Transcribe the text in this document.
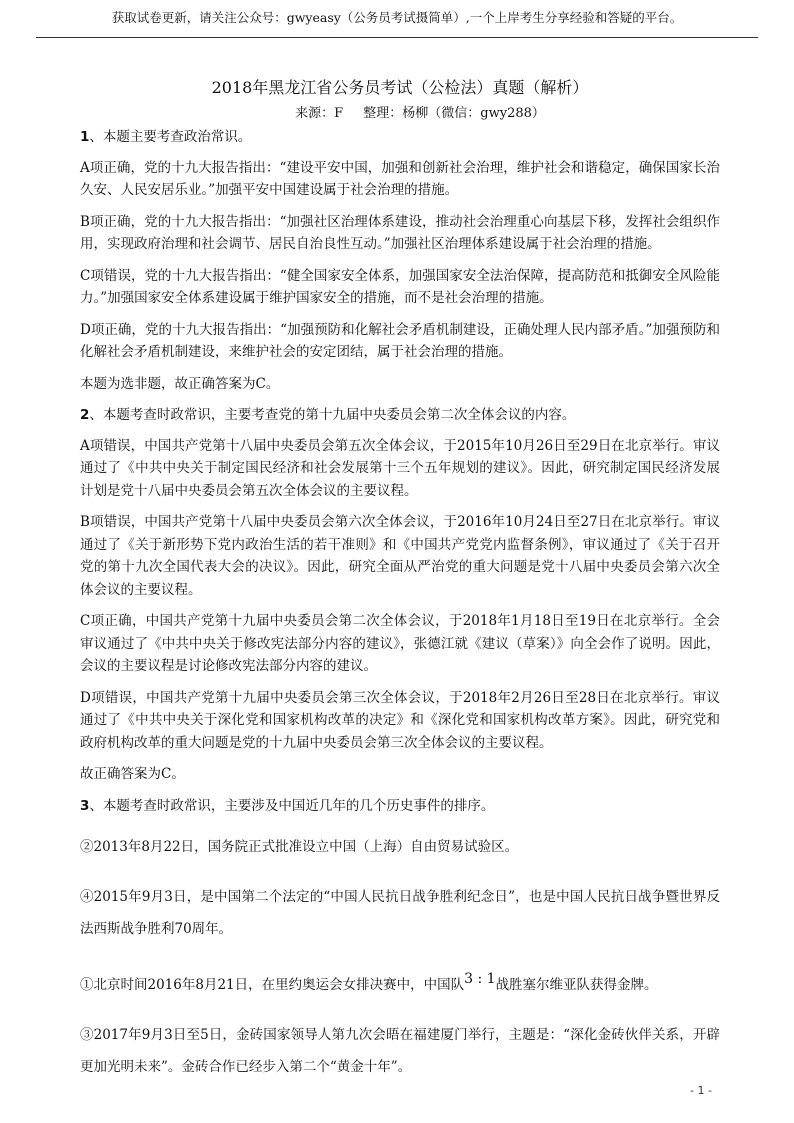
获取试卷更新，请关注公众号：gwyeasy（公务员考试摄简单）,一个上岸考生分享经验和答疑的平台。
2018年黑龙江省公务员考试（公检法）真题（解析）
来源：F 整理：杨柳（微信：gwy288）

1、本题主要考查政治常识。

A项正确，党的十九大报告指出：“建设平安中国，加强和创新社会治理，维护社会和谐稳定，确保国家长治久安、人民安居乐业。”加强平安中国建设属于社会治理的措施。

B项正确，党的十九大报告指出：“加强社区治理体系建设，推动社会治理重心向基层下移，发挥社会组织作用，实现政府治理和社会调节、居民自治良性互动。”加强社区治理体系建设属于社会治理的措施。

C项错误，党的十九大报告指出：“健全国家安全体系，加强国家安全法治保障，提高防范和抵御安全风险能力。”加强国家安全体系建设属于维护国家安全的措施，而不是社会治理的措施。

D项正确，党的十九大报告指出：“加强预防和化解社会矛盾机制建设，正确处理人民内部矛盾。”加强预防和化解社会矛盾机制建设，来维护社会的安定团结，属于社会治理的措施。

本题为选非题，故正确答案为C。

2、本题考查时政常识，主要考查党的第十九届中央委员会第二次全体会议的内容。

A项错误，中国共产党第十八届中央委员会第五次全体会议，于2015年10月26日至29日在北京举行。审议通过了《中共中央关于制定国民经济和社会发展第十三个五年规划的建议》。因此，研究制定国民经济发展计划是党十八届中央委员会第五次全体会议的主要议程。

B项错误，中国共产党第十八届中央委员会第六次全体会议，于2016年10月24日至27日在北京举行。审议通过了《关于新形势下党内政治生活的若干准则》和《中国共产党党内监督条例》，审议通过了《关于召开党的第十九次全国代表大会的决议》。因此，研究全面从严治党的重大问题是党十八届中央委员会第六次全体会议的主要议程。

C项正确，中国共产党第十九届中央委员会第二次全体会议，于2018年1月18日至19日在北京举行。全会审议通过了《中共中央关于修改宪法部分内容的建议》，张德江就《建议（草案）》向全会作了说明。因此，会议的主要议程是讨论修改宪法部分内容的建议。

D项错误，中国共产党第十九届中央委员会第三次全体会议，于2018年2月26日至28日在北京举行。审议通过了《中共中央关于深化党和国家机构改革的决定》和《深化党和国家机构改革方案》。因此，研究党和政府机构改革的重大问题是党的十九届中央委员会第三次全体会议的主要议程。

故正确答案为C。

3、本题考查时政常识，主要涉及中国近几年的几个历史事件的排序。

②2013年8月22日，国务院正式批准设立中国（上海）自由贸易试验区。

④2015年9月3日，是中国第二个法定的“中国人民抗日战争胜利纪念日”，也是中国人民抗日战争暨世界反法西斯战争胜利70周年。

①北京时间2016年8月21日，在里约奥运会女排决赛中，中国队3 : 1战胜塞尔维亚队获得金牌。

③2017年9月3日至5日，金砖国家领导人第九次会晤在福建厦门举行，主题是：“深化金砖伙伴关系，开辟更加光明未来”。金砖合作已经步入第二个“黄金十年”。

- 1 -
